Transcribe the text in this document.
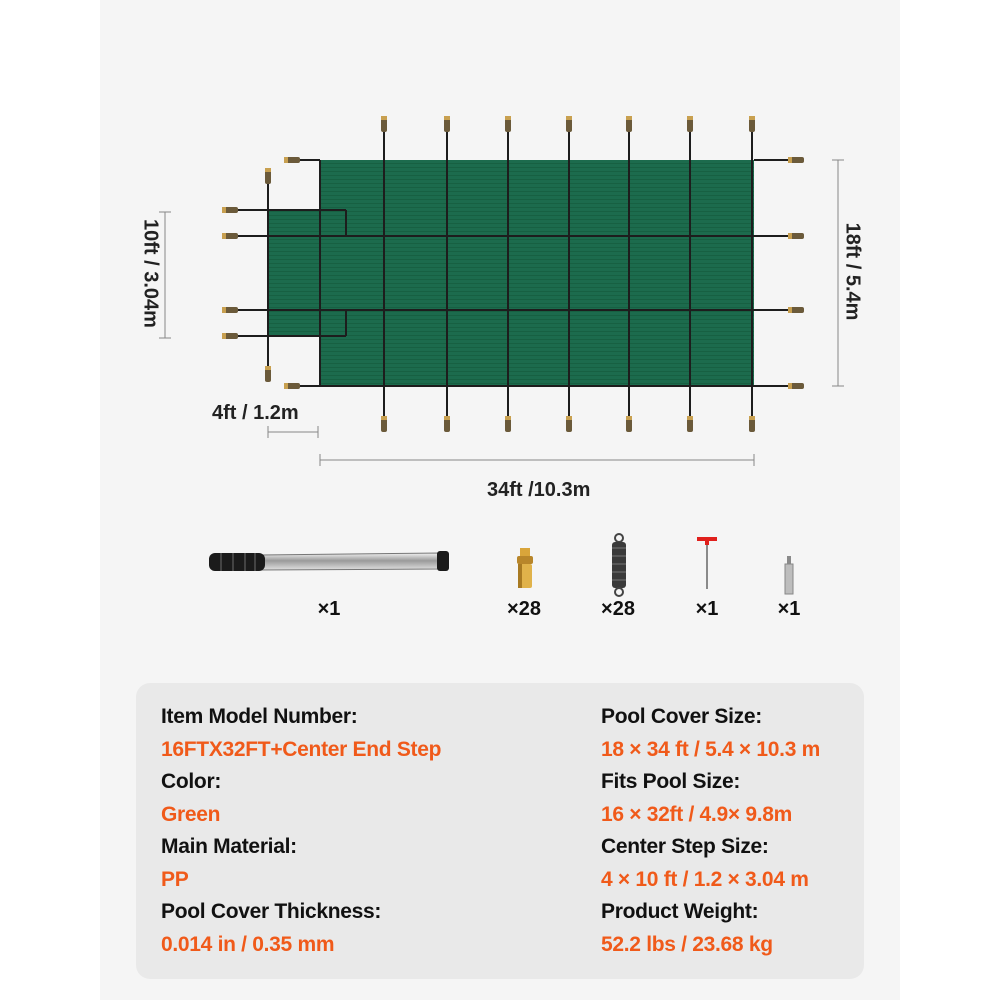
34ft /10.3m
18ft / 5.4m
10ft / 3.04m
4ft / 1.2m
×1	×28	×28	×1	×1
Item Model Number:
16FTX32FT+Center End Step
Color:
Green
Main Material:
PP
Pool Cover Thickness:
0.014 in / 0.35 mm
Pool Cover Size:
18 × 34 ft / 5.4 × 10.3 m
Fits Pool Size:
16 × 32ft / 4.9× 9.8m
Center Step Size:
4 × 10 ft / 1.2 × 3.04 m
Product Weight:
52.2 lbs / 23.68 kg
